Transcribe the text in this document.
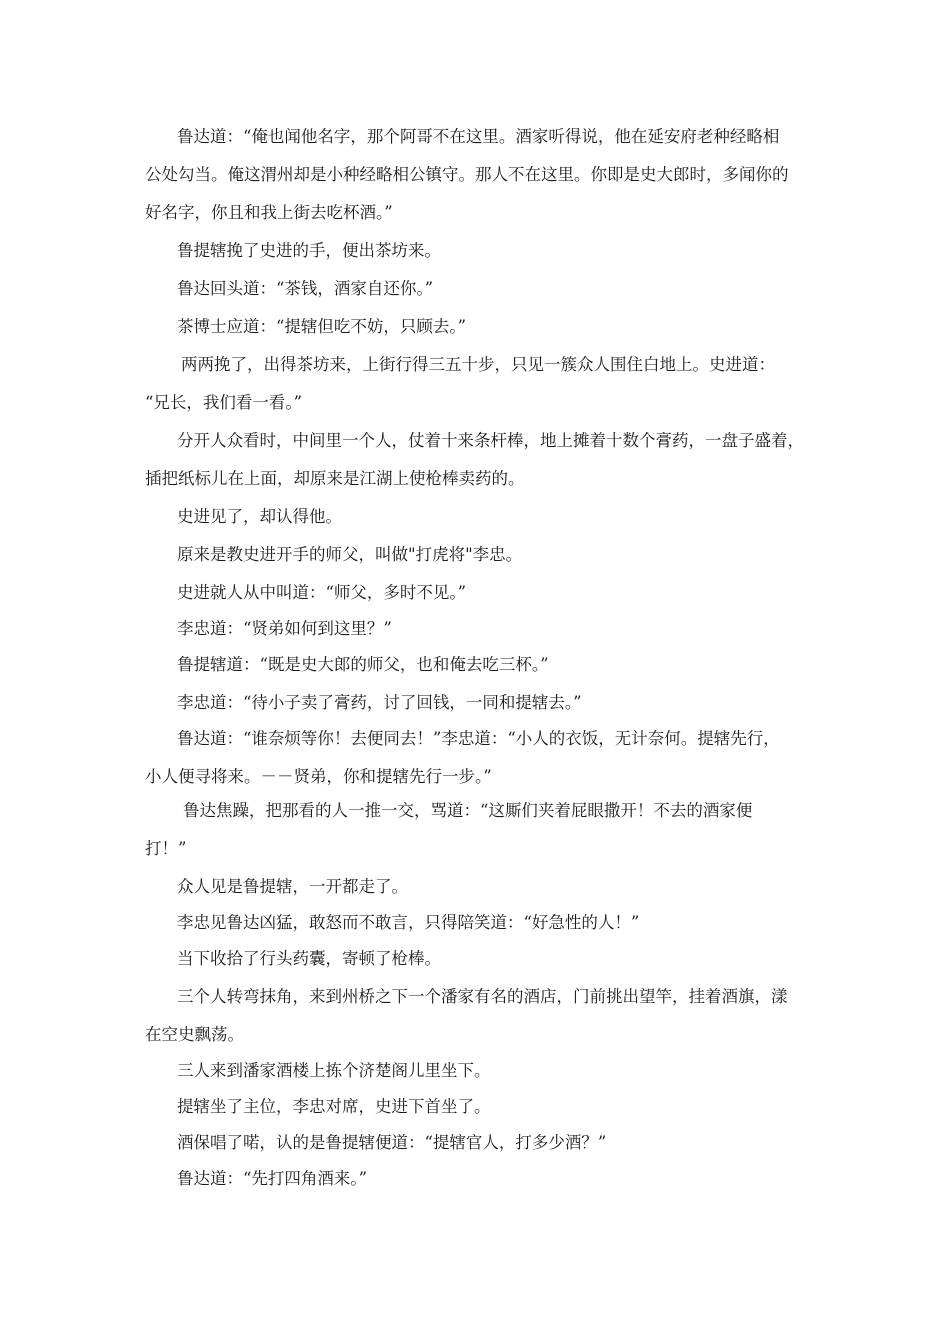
鲁达道：“俺也闻他名字，那个阿哥不在这里。酒家听得说，他在延安府老种经略相
公处勾当。俺这渭州却是小种经略相公镇守。那人不在这里。你即是史大郎时，多闻你的
好名字，你且和我上街去吃杯酒。”
鲁提辖挽了史进的手，便出茶坊来。
鲁达回头道：“茶钱，酒家自还你。”
茶博士应道：“提辖但吃不妨，只顾去。”
两两挽了，出得茶坊来，上街行得三五十步，只见一簇众人围住白地上。史进道：
“兄长，我们看一看。”
分开人众看时，中间里一个人，仗着十来条杆棒，地上摊着十数个膏药，一盘子盛着，
插把纸标儿在上面，却原来是江湖上使枪棒卖药的。
史进见了，却认得他。
原来是教史进开手的师父，叫做"打虎将"李忠。
史进就人从中叫道：“师父，多时不见。”
李忠道：“贤弟如何到这里？”
鲁提辖道：“既是史大郎的师父，也和俺去吃三杯。”
李忠道：“待小子卖了膏药，讨了回钱，一同和提辖去。”
鲁达道：“谁奈烦等你！去便同去！”李忠道：“小人的衣饭，无计奈何。提辖先行，
小人便寻将来。－－贤弟，你和提辖先行一步。”
鲁达焦躁，把那看的人一推一交，骂道：“这厮们夹着屁眼撒开！不去的酒家便
打！”
众人见是鲁提辖，一开都走了。
李忠见鲁达凶猛，敢怒而不敢言，只得陪笑道：“好急性的人！”
当下收拾了行头药囊，寄顿了枪棒。
三个人转弯抹角，来到州桥之下一个潘家有名的酒店，门前挑出望竿，挂着酒旗，漾
在空史飘荡。
三人来到潘家酒楼上拣个济楚阁儿里坐下。
提辖坐了主位，李忠对席，史进下首坐了。
酒保唱了喏，认的是鲁提辖便道：“提辖官人，打多少酒？”
鲁达道：“先打四角酒来。”
